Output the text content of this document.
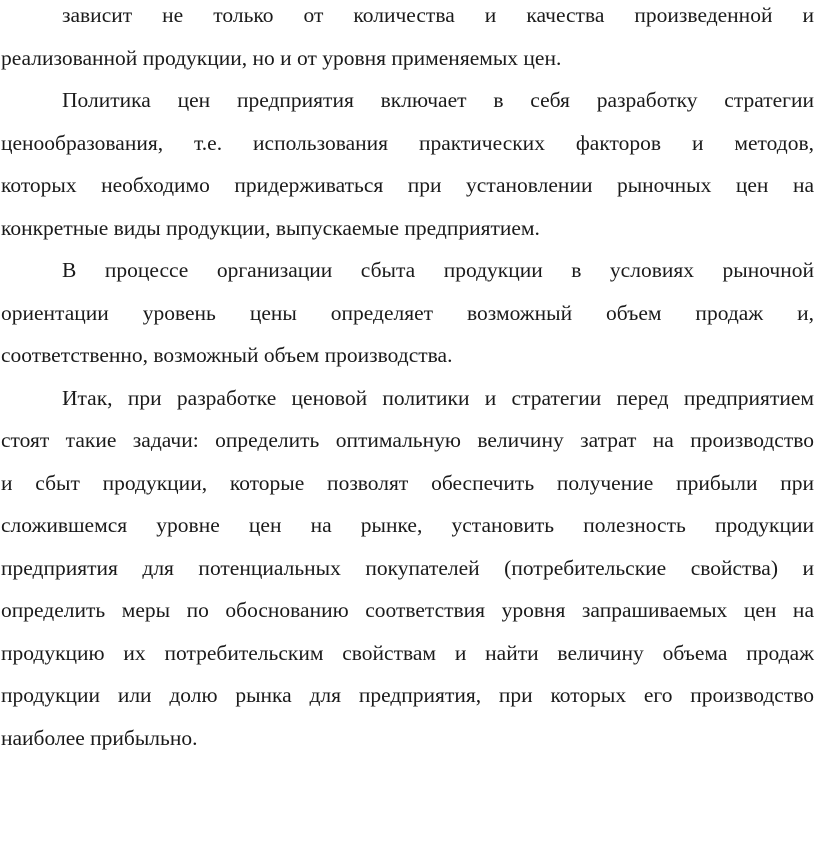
зависит не только от количества и качества произведенной и
реализованной продукции, но и от уровня применяемых цен.
Политика цен предприятия включает в себя разработку стратегии
ценообразования, т.е. использования практических факторов и методов,
которых необходимо придерживаться при установлении рыночных цен на
конкретные виды продукции, выпускаемые предприятием.
В процессе организации сбыта продукции в условиях рыночной
ориентации уровень цены определяет возможный объем продаж и,
соответственно, возможный объем производства.
Итак, при разработке ценовой политики и стратегии перед предприятием
стоят такие задачи: определить оптимальную величину затрат на производство
и сбыт продукции, которые позволят обеспечить получение прибыли при
сложившемся уровне цен на рынке, установить полезность продукции
предприятия для потенциальных покупателей (потребительские свойства) и
определить меры по обоснованию соответствия уровня запрашиваемых цен на
продукцию их потребительским свойствам и найти величину объема продаж
продукции или долю рынка для предприятия, при которых его производство
наиболее прибыльно.
